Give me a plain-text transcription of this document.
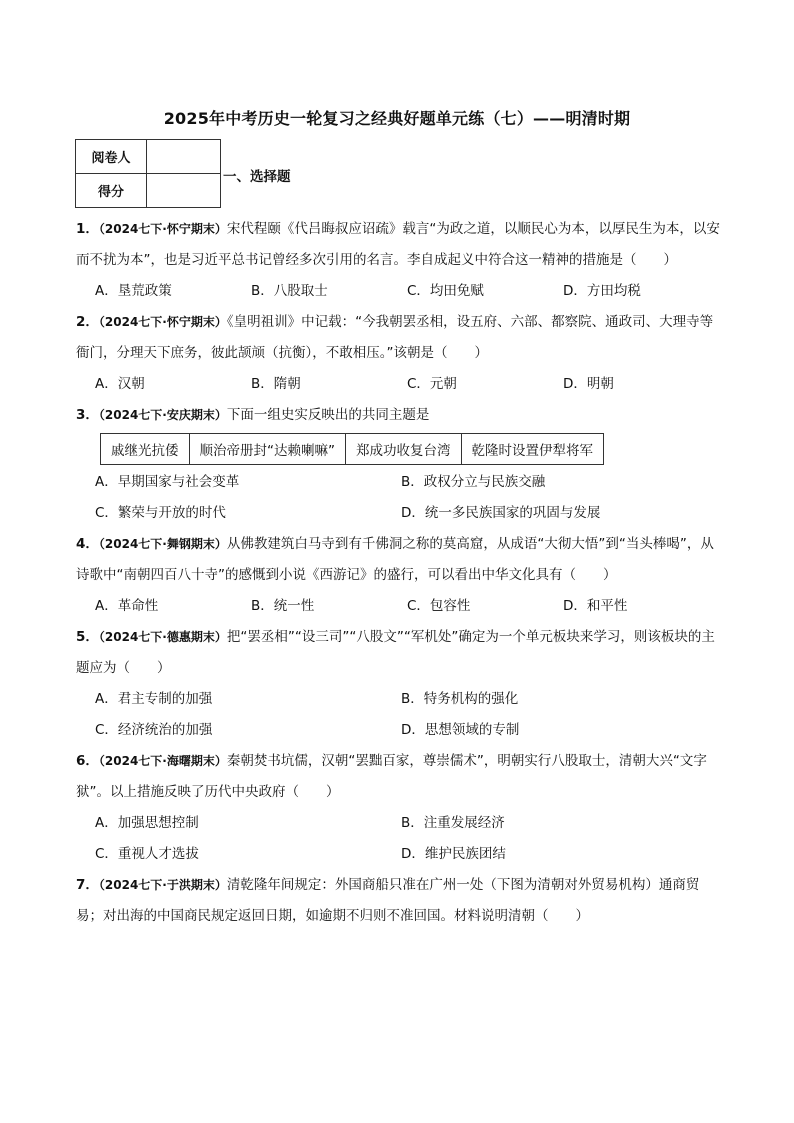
2025年中考历史一轮复习之经典好题单元练（七）——明清时期
阅卷人	
得分	
一、选择题
1．（2024七下·怀宁期末）宋代程颐《代吕晦叔应诏疏》载言“为政之道，以顺民心为本，以厚民生为本，以安而不扰为本”，也是习近平总书记曾经多次引用的名言。李自成起义中符合这一精神的措施是（　　）
A．垦荒政策	B．八股取士	C．均田免赋	D．方田均税
2．（2024七下·怀宁期末）《皇明祖训》中记载：“今我朝罢丞相，设五府、六部、都察院、通政司、大理寺等衙门，分理天下庶务，彼此颉颃（抗衡），不敢相压。”该朝是（　　）
A．汉朝	B．隋朝	C．元朝	D．明朝
3．（2024七下·安庆期末）下面一组史实反映出的共同主题是
戚继光抗倭	顺治帝册封“达赖喇嘛”	郑成功收复台湾	乾隆时设置伊犁将军
A．早期国家与社会变革	B．政权分立与民族交融
C．繁荣与开放的时代	D．统一多民族国家的巩固与发展
4．（2024七下·舞钢期末）从佛教建筑白马寺到有千佛洞之称的莫高窟，从成语“大彻大悟”到“当头棒喝”，从诗歌中“南朝四百八十寺”的感慨到小说《西游记》的盛行，可以看出中华文化具有（　　）
A．革命性	B．统一性	C．包容性	D．和平性
5．（2024七下·德惠期末）把“罢丞相”“设三司”“八股文”“军机处”确定为一个单元板块来学习，则该板块的主题应为（　　）
A．君主专制的加强	B．特务机构的强化
C．经济统治的加强	D．思想领域的专制
6．（2024七下·海曙期末）秦朝焚书坑儒，汉朝“罢黜百家，尊崇儒术”，明朝实行八股取士，清朝大兴“文字狱”。以上措施反映了历代中央政府（　　）
A．加强思想控制	B．注重发展经济
C．重视人才选拔	D．维护民族团结
7．（2024七下·于洪期末）清乾隆年间规定：外国商船只准在广州一处（下图为清朝对外贸易机构）通商贸易；对出海的中国商民规定返回日期，如逾期不归则不准回国。材料说明清朝（　　）
